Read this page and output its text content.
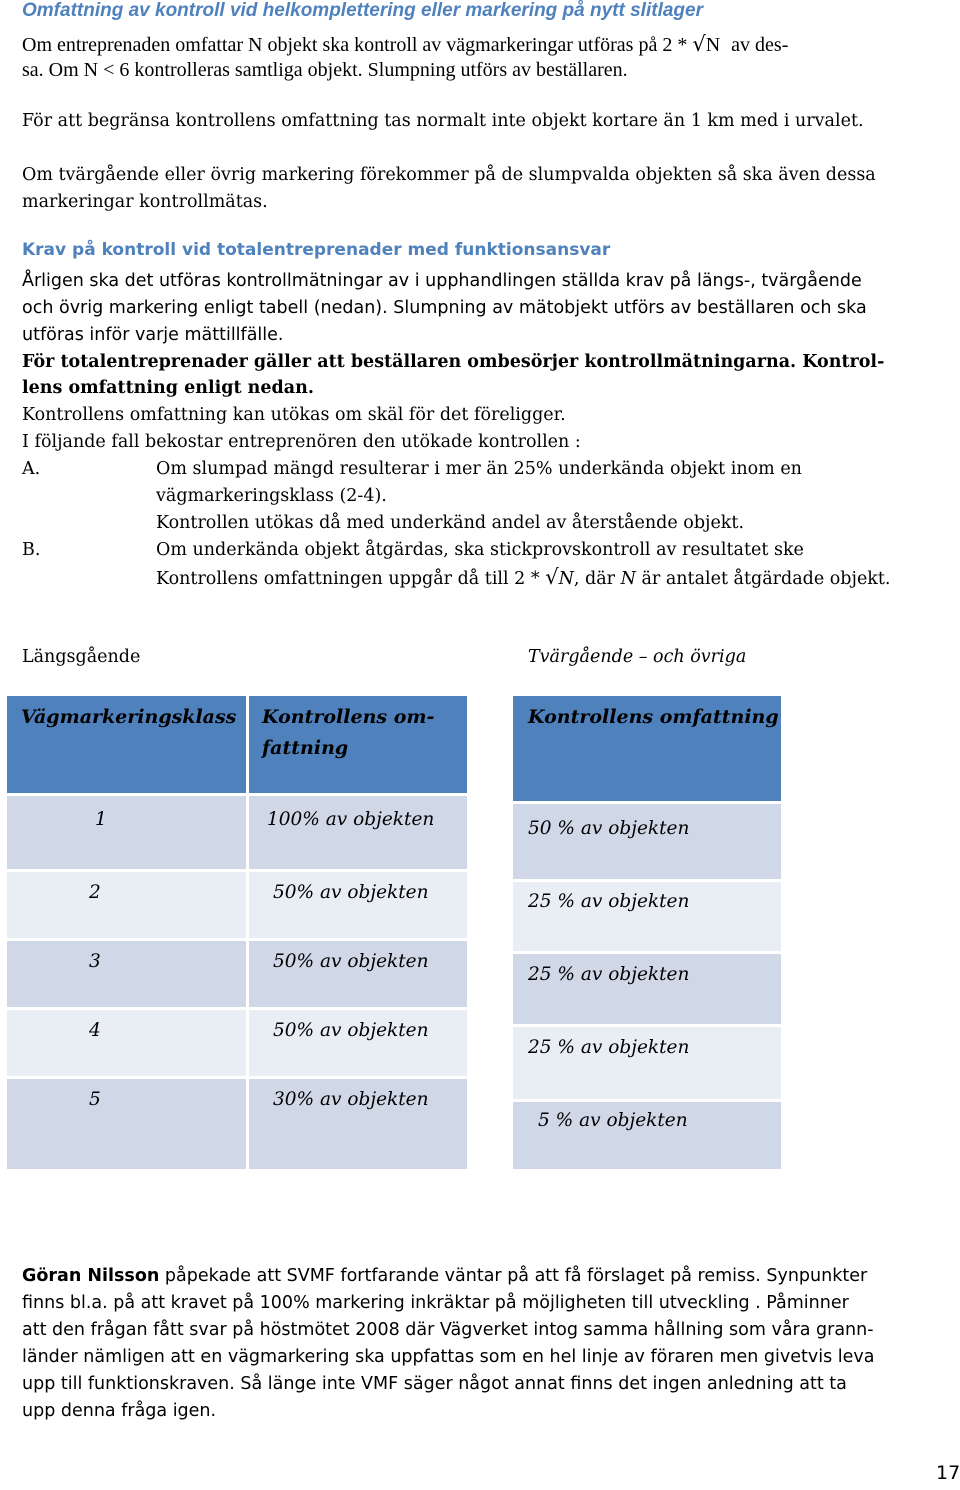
Omfattning av kontroll vid helkomplettering eller markering på nytt slitlager
Om entreprenaden omfattar N objekt ska kontroll av vägmarkeringar utföras på 2 * √N av des-
sa. Om N < 6 kontrolleras samtliga objekt. Slumpning utförs av beställaren.
För att begränsa kontrollens omfattning tas normalt inte objekt kortare än 1 km med i urvalet.
Om tvärgående eller övrig markering förekommer på de slumpvalda objekten så ska även dessa
markeringar kontrollmätas.
Krav på kontroll vid totalentreprenader med funktionsansvar
Årligen ska det utföras kontrollmätningar av i upphandlingen ställda krav på längs-, tvärgående
och övrig markering enligt tabell (nedan). Slumpning av mätobjekt utförs av beställaren och ska
utföras inför varje mättillfälle.
För totalentreprenader gäller att beställaren ombesörjer kontrollmätningarna. Kontrol-
lens omfattning enligt nedan.
Kontrollens omfattning kan utökas om skäl för det föreligger.
I följande fall bekostar entreprenören den utökade kontrollen :
A.	Om slumpad mängd resulterar i mer än 25% underkända objekt inom en
vägmarkeringsklass (2-4).
Kontrollen utökas då med underkänd andel av återstående objekt.
B.	Om underkända objekt åtgärdas, ska stickprovskontroll av resultatet ske
Kontrollens omfattningen uppgår då till 2 * √N, där N är antalet åtgärdade objekt.
Längsgående	Tvärgående – och övriga
Vägmarkeringsklass Kontrollens om-
fattning
1	100% av objekten
2	50% av objekten
3	50% av objekten
4	50% av objekten
5	30% av objekten
Kontrollens omfattning
50 % av objekten
25 % av objekten
25 % av objekten
25 % av objekten
5 % av objekten
Göran Nilsson påpekade att SVMF fortfarande väntar på att få förslaget på remiss. Synpunkter
finns bl.a. på att kravet på 100% markering inkräktar på möjligheten till utveckling . Påminner
att den frågan fått svar på höstmötet 2008 där Vägverket intog samma hållning som våra grann-
länder nämligen att en vägmarkering ska uppfattas som en hel linje av föraren men givetvis leva
upp till funktionskraven. Så länge inte VMF säger något annat finns det ingen anledning att ta
upp denna fråga igen.
17
